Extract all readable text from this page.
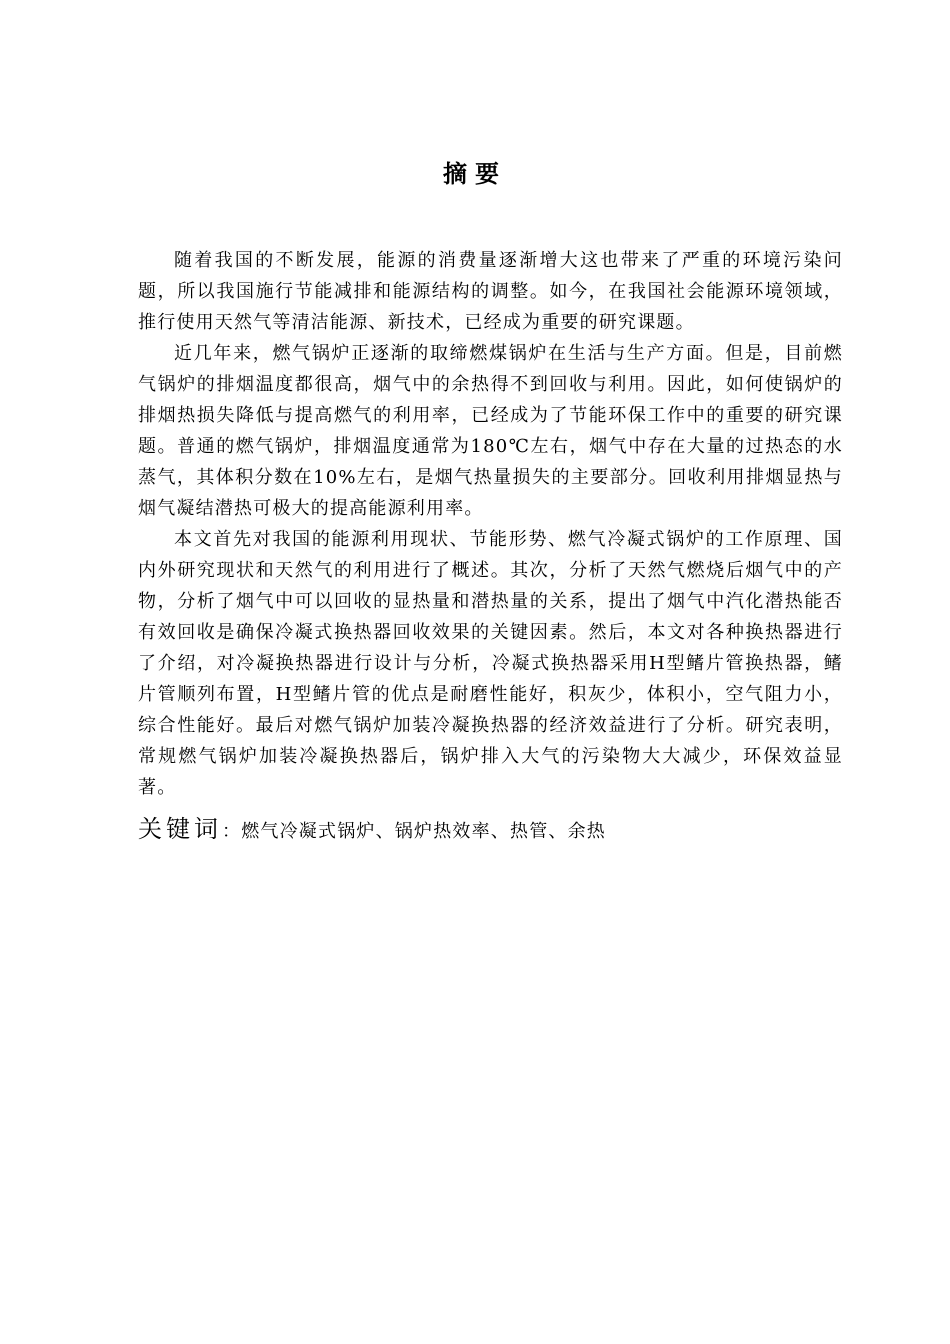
摘要

随着我国的不断发展，能源的消费量逐渐增大这也带来了严重的环境污染问题，所以我国施行节能减排和能源结构的调整。如今，在我国社会能源环境领域，推行使用天然气等清洁能源、新技术，已经成为重要的研究课题。

近几年来，燃气锅炉正逐渐的取缔燃煤锅炉在生活与生产方面。但是，目前燃气锅炉的排烟温度都很高，烟气中的余热得不到回收与利用。因此，如何使锅炉的排烟热损失降低与提高燃气的利用率，已经成为了节能环保工作中的重要的研究课题。普通的燃气锅炉，排烟温度通常为180℃左右，烟气中存在大量的过热态的水蒸气，其体积分数在10%左右，是烟气热量损失的主要部分。回收利用排烟显热与烟气凝结潜热可极大的提高能源利用率。

本文首先对我国的能源利用现状、节能形势、燃气冷凝式锅炉的工作原理、国内外研究现状和天然气的利用进行了概述。其次，分析了天然气燃烧后烟气中的产物，分析了烟气中可以回收的显热量和潜热量的关系，提出了烟气中汽化潜热能否有效回收是确保冷凝式换热器回收效果的关键因素。然后，本文对各种换热器进行了介绍，对冷凝换热器进行设计与分析，冷凝式换热器采用H型鳍片管换热器，鳍片管顺列布置，H型鳍片管的优点是耐磨性能好，积灰少，体积小，空气阻力小，综合性能好。最后对燃气锅炉加装冷凝换热器的经济效益进行了分析。研究表明，常规燃气锅炉加装冷凝换热器后，锅炉排入大气的污染物大大减少，环保效益显著。

关键词：燃气冷凝式锅炉、锅炉热效率、热管、余热
